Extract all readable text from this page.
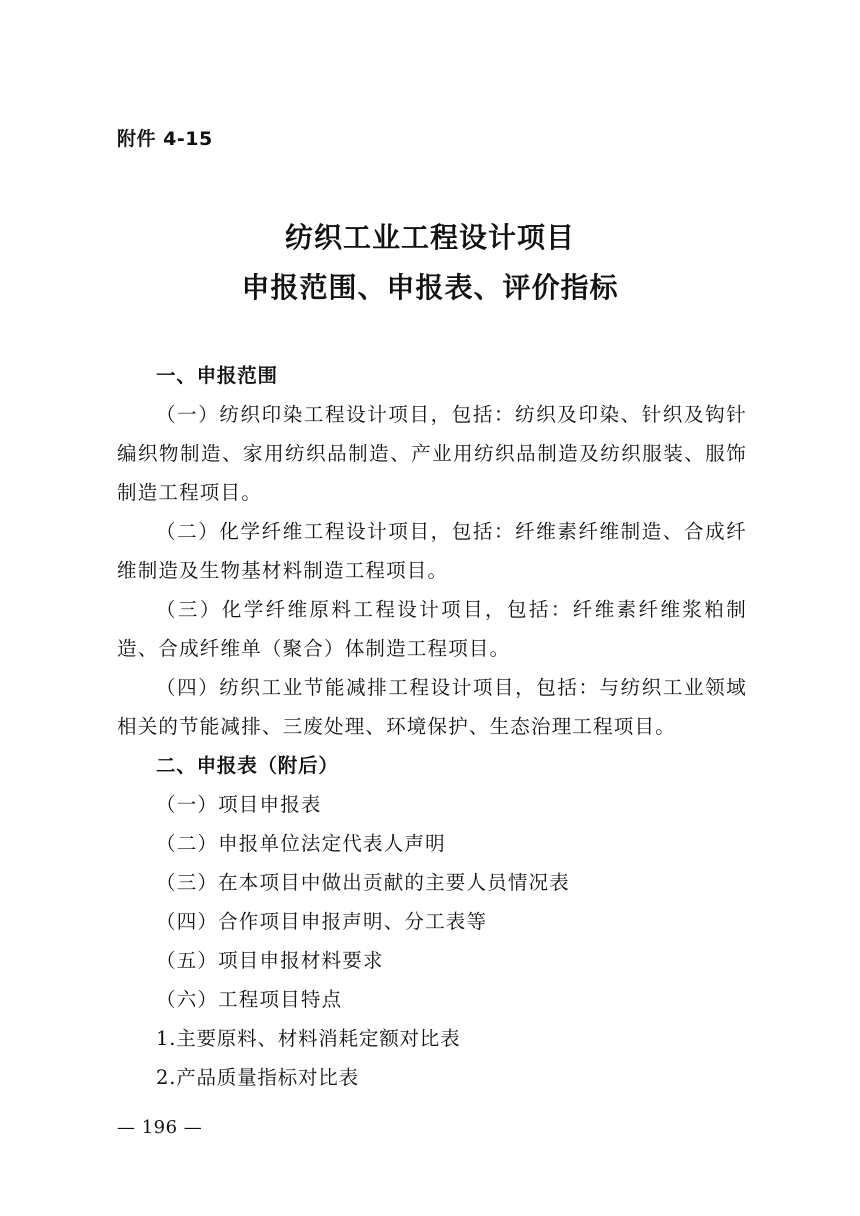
附件 4-15
纺织工业工程设计项目
申报范围、申报表、评价指标

一、申报范围

（一）纺织印染工程设计项目，包括：纺织及印染、针织及钩针编织物制造、家用纺织品制造、产业用纺织品制造及纺织服装、服饰制造工程项目。

（二）化学纤维工程设计项目，包括：纤维素纤维制造、合成纤维制造及生物基材料制造工程项目。

（三）化学纤维原料工程设计项目，包括：纤维素纤维浆粕制造、合成纤维单（聚合）体制造工程项目。

（四）纺织工业节能减排工程设计项目，包括：与纺织工业领域相关的节能减排、三废处理、环境保护、生态治理工程项目。

二、申报表（附后）

（一）项目申报表

（二）申报单位法定代表人声明

（三）在本项目中做出贡献的主要人员情况表

（四）合作项目申报声明、分工表等

（五）项目申报材料要求

（六）工程项目特点

1.主要原料、材料消耗定额对比表

2.产品质量指标对比表

— 196 —
